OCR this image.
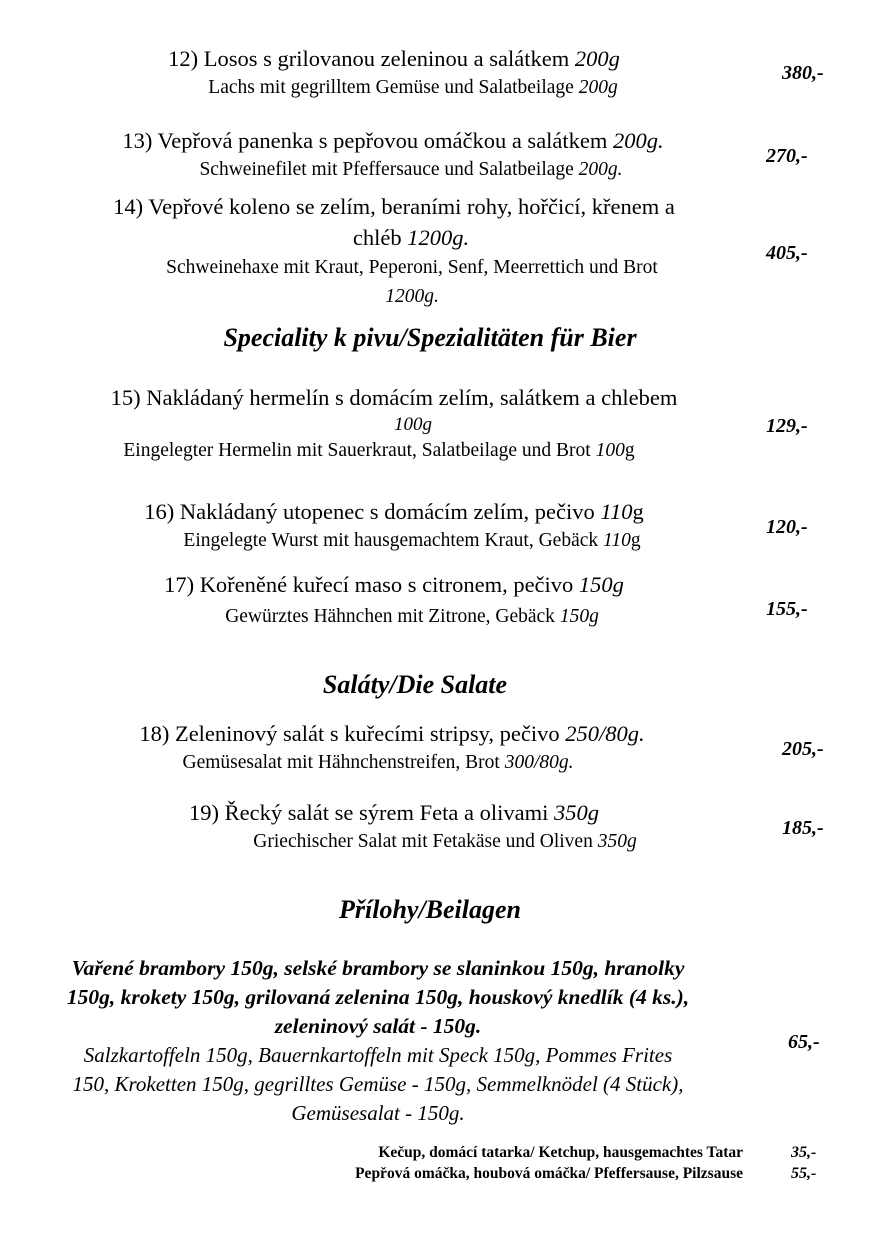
12) Losos s grilovanou zeleninou a salátkem 200g
Lachs mit gegrilltem Gemüse und Salatbeilage 200g
380,-
13) Vepřová panenka s pepřovou omáčkou a salátkem 200g.
Schweinefilet mit Pfeffersauce und Salatbeilage 200g.
270,-
14) Vepřové koleno se zelím, beraními rohy, hořčicí, křenem a
chléb 1200g.
Schweinehaxe mit Kraut, Peperoni, Senf, Meerrettich und Brot
1200g.
405,-
Speciality k pivu/Spezialitäten für Bier
15) Nakládaný hermelín s domácím zelím, salátkem a chlebem
100g
Eingelegter Hermelin mit Sauerkraut, Salatbeilage und Brot 100g
129,-
16) Nakládaný utopenec s domácím zelím, pečivo 110g
Eingelegte Wurst mit hausgemachtem Kraut, Gebäck 110g
120,-
17) Kořeněné kuřecí maso s citronem, pečivo 150g
Gewürztes Hähnchen mit Zitrone, Gebäck 150g	155,-
Saláty/Die Salate
18) Zeleninový salát s kuřecími stripsy, pečivo 250/80g.
Gemüsesalat mit Hähnchenstreifen, Brot 300/80g.
205,-
19) Řecký salát se sýrem Feta a olivami 350g
Griechischer Salat mit Fetakäse und Oliven 350g
185,-
Přílohy/Beilagen
Vařené brambory 150g, selské brambory se slaninkou 150g, hranolky
150g, krokety 150g, grilovaná zelenina 150g, houskový knedlík (4 ks.),
zeleninový salát - 150g.
Salzkartoffeln 150g, Bauernkartoffeln mit Speck 150g, Pommes Frites
150, Kroketten 150g, gegrilltes Gemüse - 150g, Semmelknödel (4 Stück),
Gemüsesalat - 150g.
65,-
Kečup, domácí tatarka/ Ketchup, hausgemachtes Tatar	35,-
Pepřová omáčka, houbová omáčka/ Pfeffersause, Pilzsause	55,-
